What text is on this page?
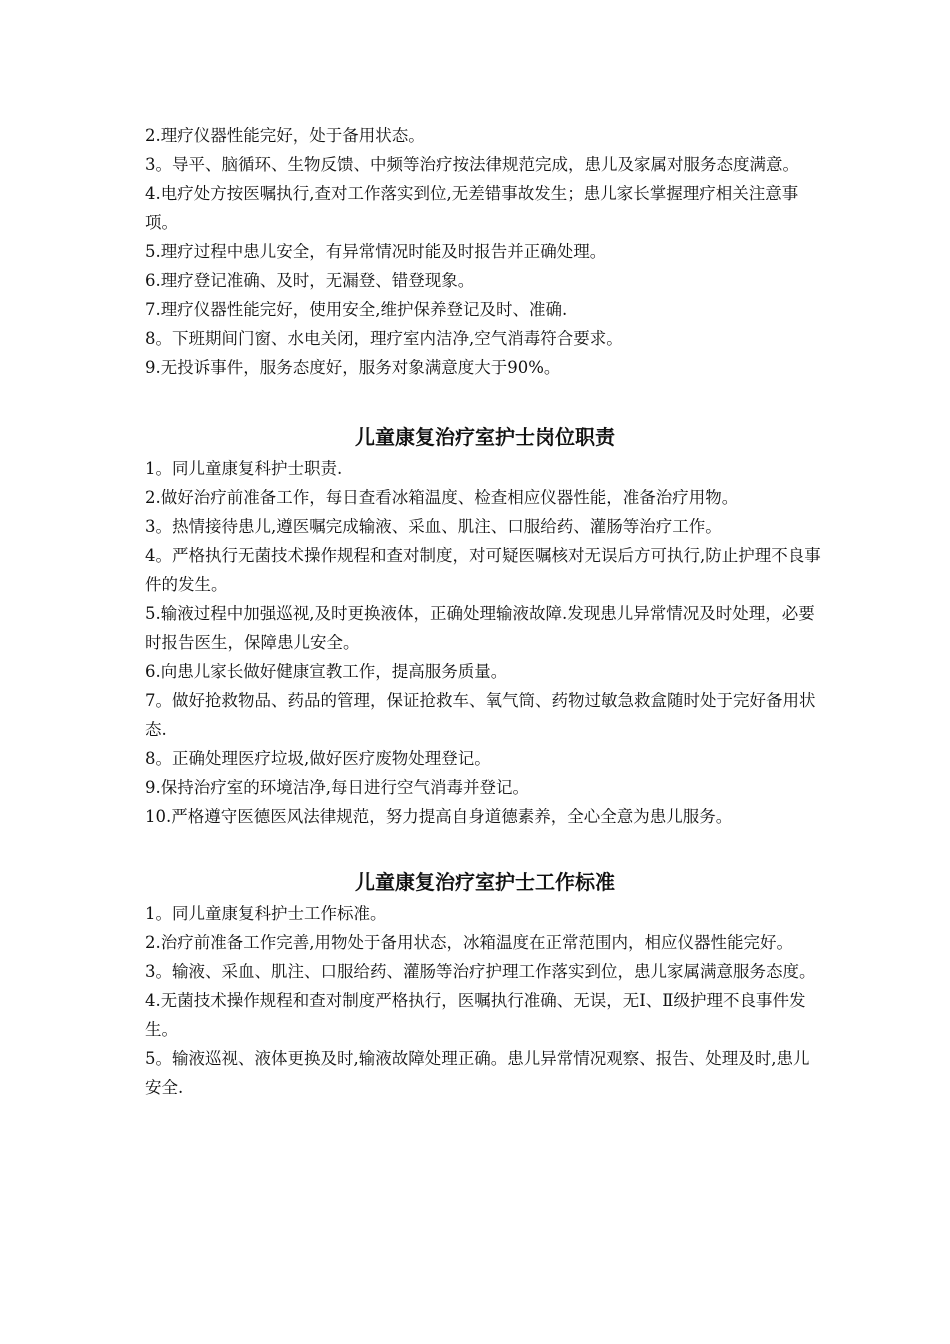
2.理疗仪器性能完好，处于备用状态。

3。导平、脑循环、生物反馈、中频等治疗按法律规范完成，患儿及家属对服务态度满意。

4.电疗处方按医嘱执行,查对工作落实到位,无差错事故发生；患儿家长掌握理疗相关注意事项。

5.理疗过程中患儿安全，有异常情况时能及时报告并正确处理。

6.理疗登记准确、及时，无漏登、错登现象。

7.理疗仪器性能完好，使用安全,维护保养登记及时、准确.

8。下班期间门窗、水电关闭，理疗室内洁净,空气消毒符合要求。

9.无投诉事件，服务态度好，服务对象满意度大于90%。

儿童康复治疗室护士岗位职责

1。同儿童康复科护士职责.

2.做好治疗前准备工作，每日查看冰箱温度、检查相应仪器性能，准备治疗用物。

3。热情接待患儿,遵医嘱完成输液、采血、肌注、口服给药、灌肠等治疗工作。

4。严格执行无菌技术操作规程和查对制度，对可疑医嘱核对无误后方可执行,防止护理不良事件的发生。

5.输液过程中加强巡视,及时更换液体，正确处理输液故障.发现患儿异常情况及时处理，必要时报告医生，保障患儿安全。

6.向患儿家长做好健康宣教工作，提高服务质量。

7。做好抢救物品、药品的管理，保证抢救车、氧气筒、药物过敏急救盒随时处于完好备用状态.

8。正确处理医疗垃圾,做好医疗废物处理登记。

9.保持治疗室的环境洁净,每日进行空气消毒并登记。

10.严格遵守医德医风法律规范，努力提高自身道德素养，全心全意为患儿服务。

儿童康复治疗室护士工作标准

1。同儿童康复科护士工作标准。

2.治疗前准备工作完善,用物处于备用状态，冰箱温度在正常范围内，相应仪器性能完好。

3。输液、采血、肌注、口服给药、灌肠等治疗护理工作落实到位，患儿家属满意服务态度。

4.无菌技术操作规程和查对制度严格执行，医嘱执行准确、无误，无Ⅰ、Ⅱ级护理不良事件发生。

5。输液巡视、液体更换及时,输液故障处理正确。患儿异常情况观察、报告、处理及时,患儿安全.
